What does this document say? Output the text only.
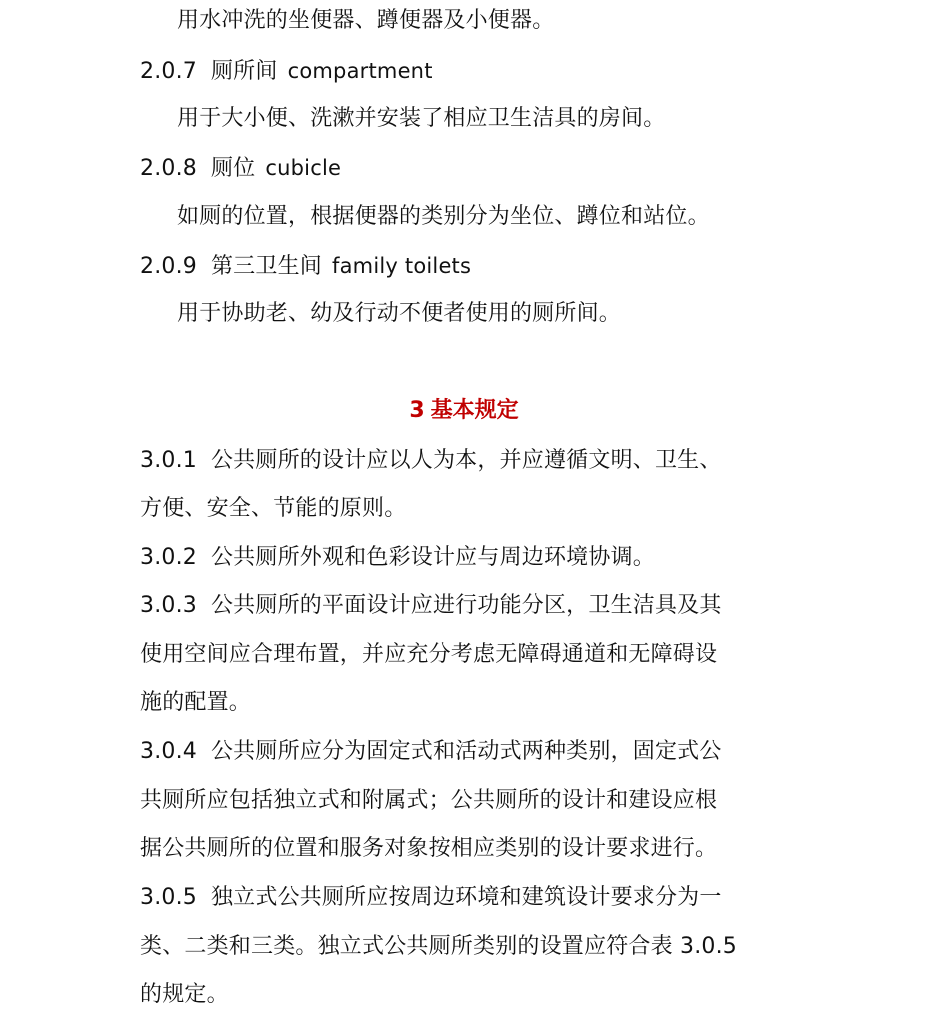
用水冲洗的坐便器、蹲便器及小便器。
2.0.7 厕所间 compartment
用于大小便、洗漱并安装了相应卫生洁具的房间。
2.0.8 厕位 cubicle
如厕的位置，根据便器的类别分为坐位、蹲位和站位。
2.0.9 第三卫生间 family toilets
用于协助老、幼及行动不便者使用的厕所间。
3 基本规定
3.0.1 公共厕所的设计应以人为本，并应遵循文明、卫生、
方便、安全、节能的原则。
3.0.2 公共厕所外观和色彩设计应与周边环境协调。
3.0.3 公共厕所的平面设计应进行功能分区，卫生洁具及其
使用空间应合理布置，并应充分考虑无障碍通道和无障碍设
施的配置。
3.0.4 公共厕所应分为固定式和活动式两种类别，固定式公
共厕所应包括独立式和附属式；公共厕所的设计和建设应根
据公共厕所的位置和服务对象按相应类别的设计要求进行。
3.0.5 独立式公共厕所应按周边环境和建筑设计要求分为一
类、二类和三类。独立式公共厕所类别的设置应符合表 3.0.5
的规定。
